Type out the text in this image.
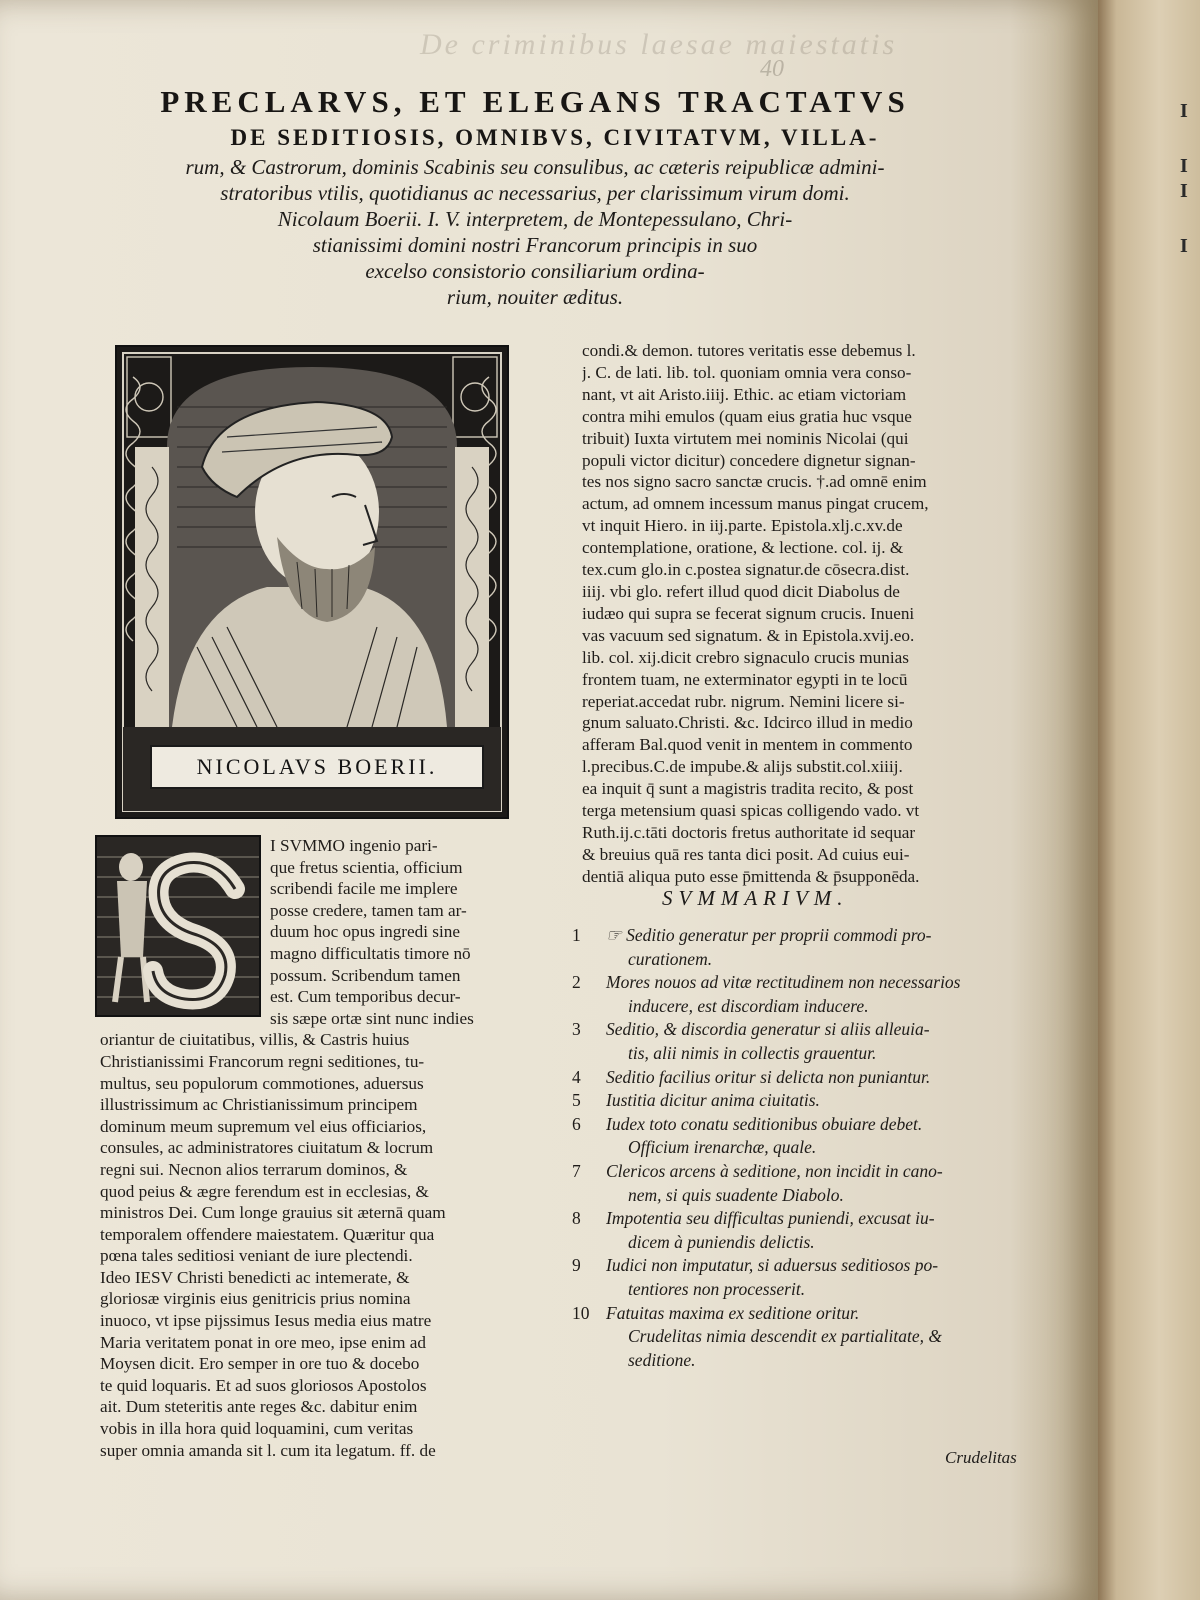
De criminibus laesae maiestatis
40

PRECLARVS, ET ELEGANS TRACTATVS

DE SEDITIOSIS, OMNIBVS, CIVITATVM, VILLA-

rum, & Castrorum, dominis Scabinis seu consulibus, ac cæteris reipublicæ admini-

stratoribus vtilis, quotidianus ac necessarius, per clarissimum virum domi.

Nicolaum Boerii. I. V. interpretem, de Montepessulano, Chri-

stianissimi domini nostri Francorum principis in suo

excelso consistorio consiliarium ordina-

rium, nouiter æditus.

NICOLAVS BOERII.
condi.& demon. tutores veritatis esse debemus l.
j. C. de lati. lib. tol. quoniam omnia vera conso-
nant, vt ait Aristo.iiij. Ethic. ac etiam victoriam
contra mihi emulos (quam eius gratia huc vsque
tribuit) Iuxta virtutem mei nominis Nicolai (qui
populi victor dicitur) concedere dignetur signan-
tes nos signo sacro sanctæ crucis. †.ad omnē enim
actum, ad omnem incessum manus pingat crucem,
vt inquit Hiero. in iij.parte. Epistola.xlj.c.xv.de
contemplatione, oratione, & lectione. col. ij. &
tex.cum glo.in c.postea signatur.de cōsecra.dist.
iiij. vbi glo. refert illud quod dicit Diabolus de
iudæo qui supra se fecerat signum crucis. Inueni
vas vacuum sed signatum. & in Epistola.xvij.eo.
lib. col. xij.dicit crebro signaculo crucis munias
frontem tuam, ne exterminator egypti in te locū
reperiat.accedat rubr. nigrum. Nemini licere si-
gnum saluato.Christi. &c. Idcirco illud in medio
afferam Bal.quod venit in mentem in commento
l.precibus.C.de impube.& alijs substit.col.xiiij.
ea inquit q̄ sunt a magistris tradita recito, & post
terga metensium quasi spicas colligendo vado. vt
Ruth.ij.c.tāti doctoris fretus authoritate id sequar
& breuius quā res tanta dici posit. Ad cuius eui-
dentiā aliqua puto esse p̄mittenda & p̄supponēda.
I SVMMO ingenio pari-
que fretus scientia, officium
scribendi facile me implere
posse credere, tamen tam ar-
duum hoc opus ingredi sine
magno difficultatis timore nō
possum. Scribendum tamen
est. Cum temporibus decur-
sis sæpe ortæ sint nunc indies
oriantur de ciuitatibus, villis, & Castris huius
Christianissimi Francorum regni seditiones, tu-
multus, seu populorum commotiones, aduersus
illustrissimum ac Christianissimum principem
dominum meum supremum vel eius officiarios,
consules, ac administratores ciuitatum & locrum
regni sui. Necnon alios terrarum dominos, &
quod peius & ægre ferendum est in ecclesias, &
ministros Dei. Cum longe grauius sit æternā quam
temporalem offendere maiestatem. Quæritur qua
pœna tales seditiosi veniant de iure plectendi.
Ideo IESV Christi benedicti ac intemerate, &
gloriosæ virginis eius genitricis prius nomina
inuoco, vt ipse pijssimus Iesus media eius matre
Maria veritatem ponat in ore meo, ipse enim ad
Moysen dicit. Ero semper in ore tuo & docebo
te quid loquaris. Et ad suos gloriosos Apostolos
ait. Dum steteritis ante reges &c. dabitur enim
vobis in illa hora quid loquamini, cum veritas
super omnia amanda sit l. cum ita legatum. ff. de
SVMMARIVM.
1	☞ Seditio generatur per proprii commodi pro-
curationem.
2	Mores nouos ad vitæ rectitudinem non necessarios
inducere, est discordiam inducere.
3	Seditio, & discordia generatur si aliis alleuia-
tis, alii nimis in collectis grauentur.
4	Seditio facilius oritur si delicta non puniantur.
5	Iustitia dicitur anima ciuitatis.
6	Iudex toto conatu seditionibus obuiare debet.
Officium irenarchæ, quale.
7	Clericos arcens à seditione, non incidit in cano-
nem, si quis suadente Diabolo.
8	Impotentia seu difficultas puniendi, excusat iu-
dicem à puniendis delictis.
9	Iudici non imputatur, si aduersus seditiosos po-
tentiores non processerit.
10 Fatuitas maxima ex seditione oritur.
Crudelitas nimia descendit ex partialitate, &
seditione.
Crudelitas
I
I
I
I
